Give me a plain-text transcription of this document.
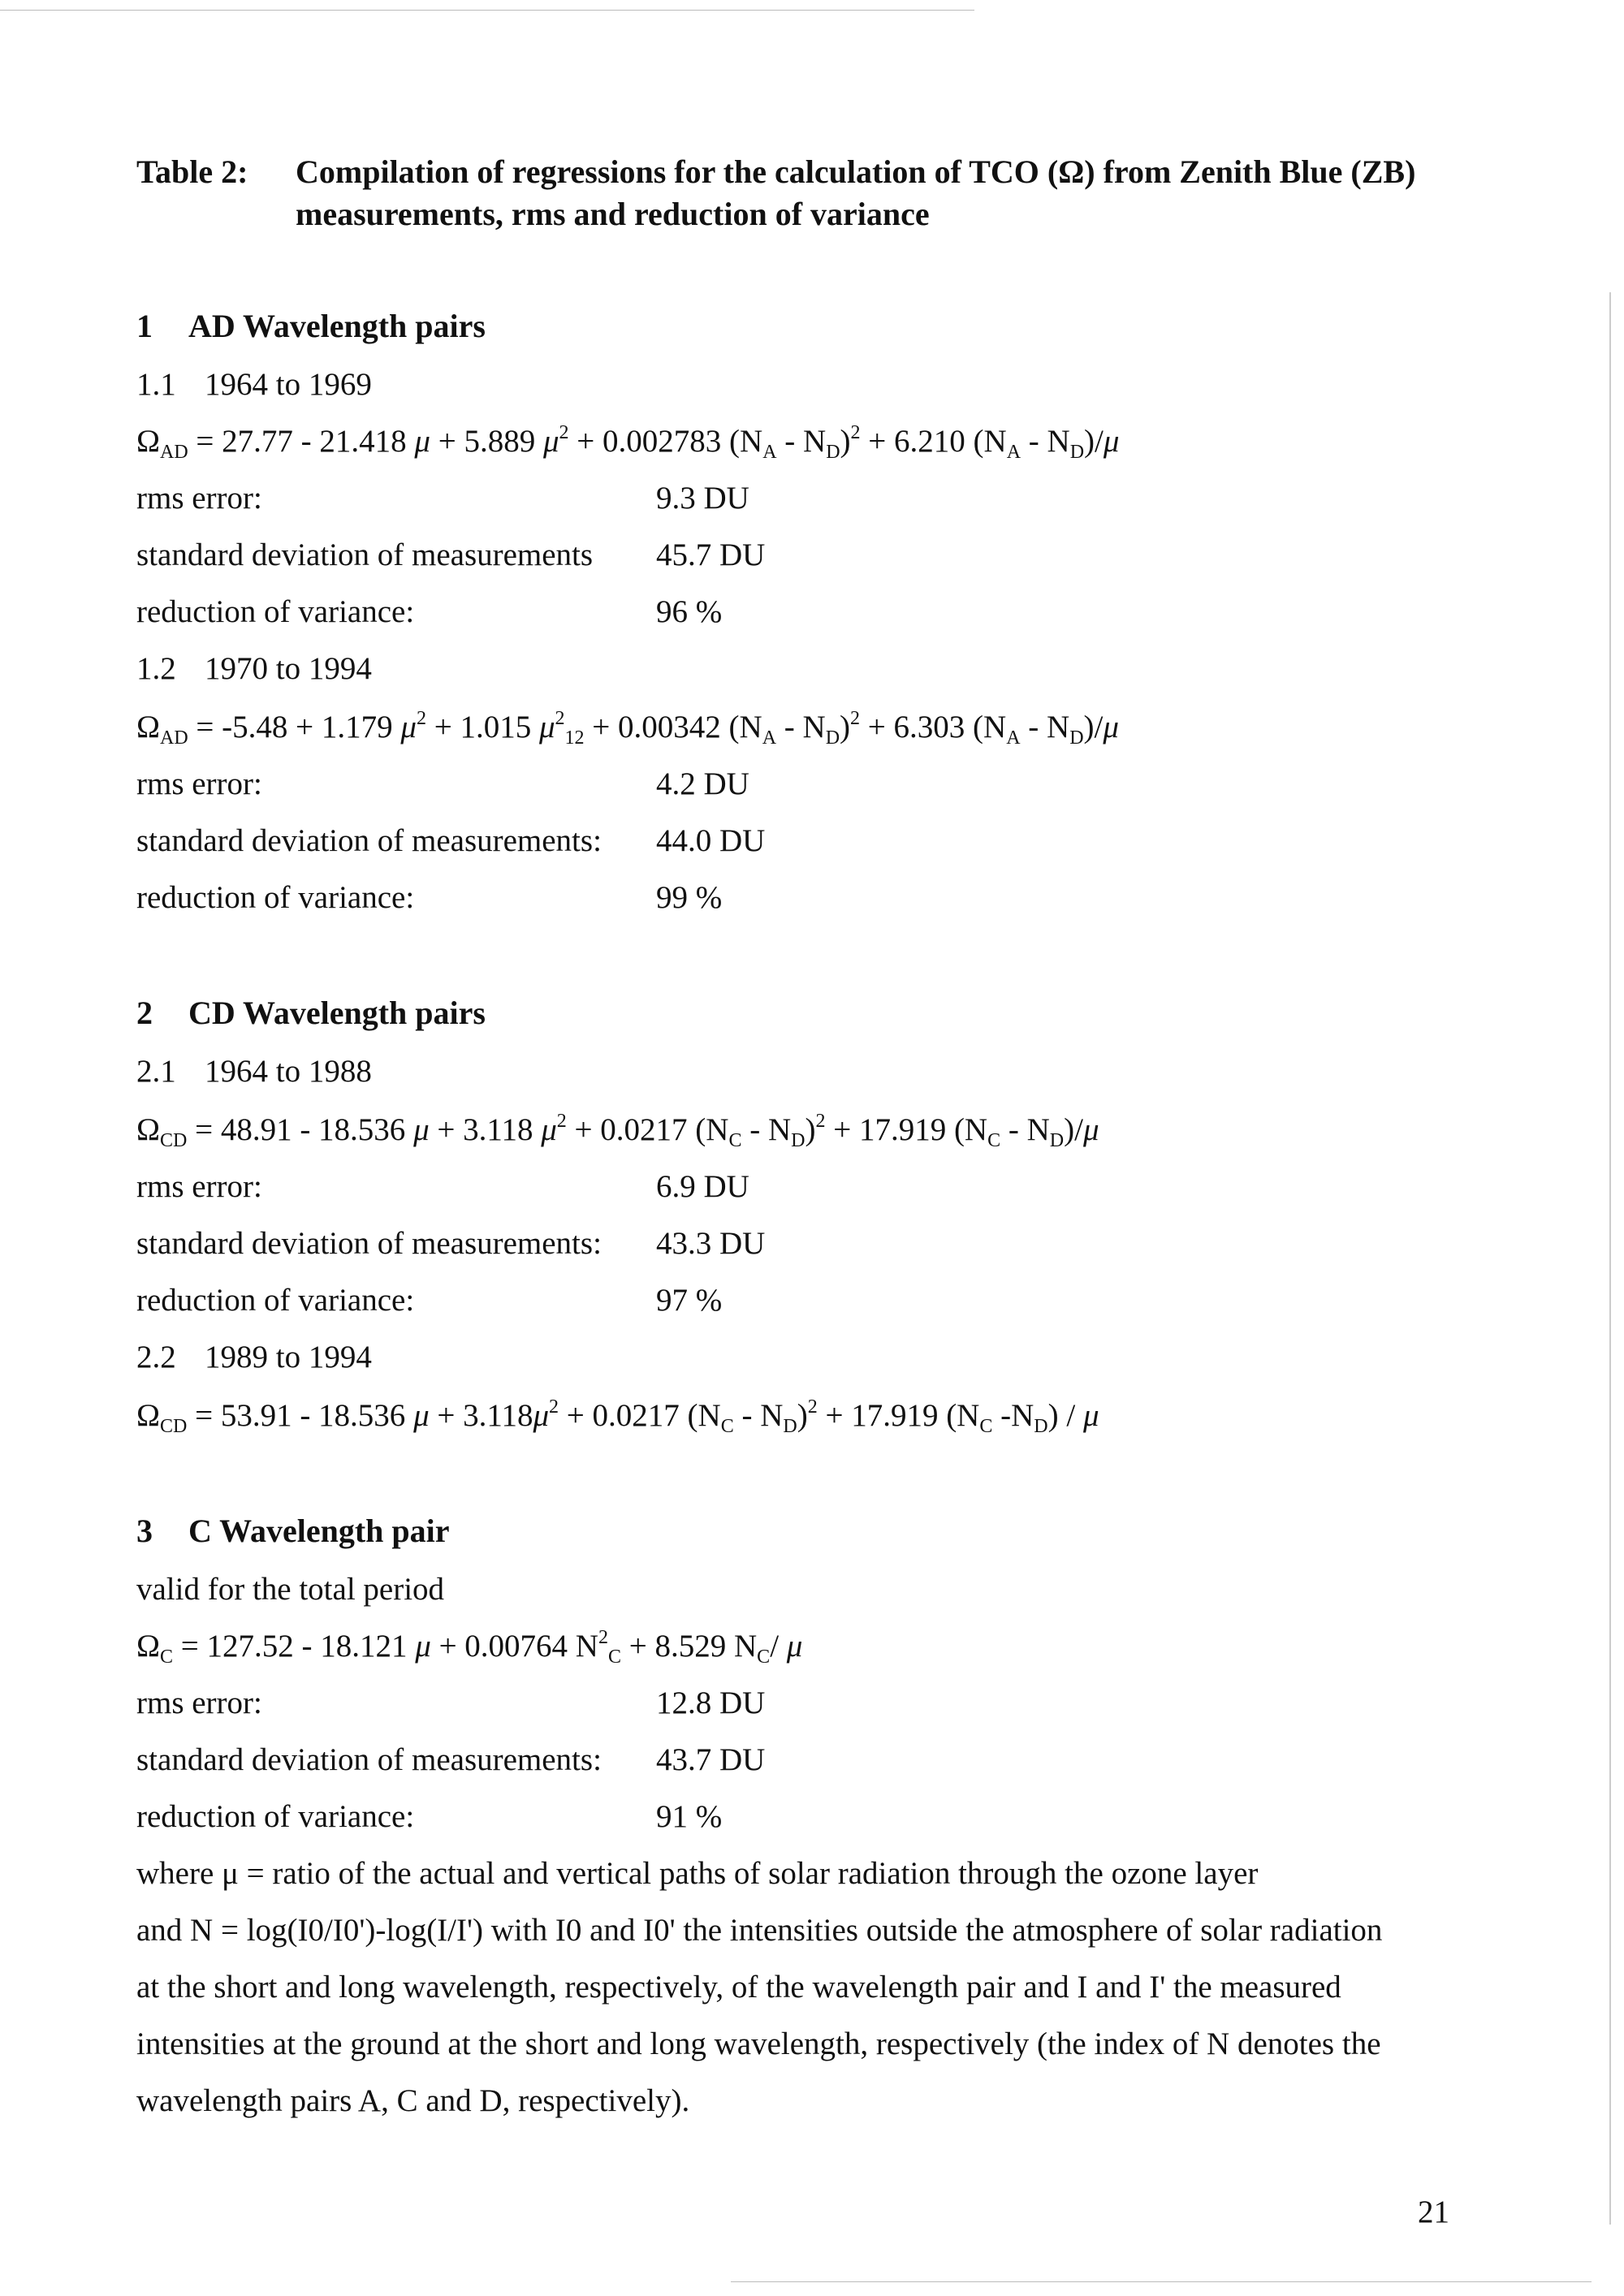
Table 2: Compilation of regressions for the calculation of TCO (Ω) from Zenith Blue (ZB) measurements, rms and reduction of variance
1 AD Wavelength pairs
1.1 1964 to 1969
$\Omega_{AD} = 27.77 - 21.418$ μ + 5.889 $\mu^2 + 0.002783$ $(N_A - N_D)^2 + 6.210$ $(N_A - N_D)/\mu$
rms error:	9.3 DU
standard deviation of measurements 45.7 DU
reduction of variance:	96 %
1.2 1970 to 1994
$\Omega_{AD} = -5.48 + 1.179$ $\mu^2 + 1.015$ $\mu^2_{12} + 0.00342$ $(N_A - N_D)^2 + 6.303$ $(N_A - N_D)/\mu$
rms error:	4.2 DU
standard deviation of measurements: 44.0 DU
reduction of variance:	99 %
2 CD Wavelength pairs
2.1 1964 to 1988
$\Omega_{CD} = 48.91 - 18.536$ μ + 3.118 $\mu^2 + 0.0217$ $(N_C - N_D)^2 + 17.919$ $(N_C - N_D)/\mu$
rms error:	6.9 DU
standard deviation of measurements: 43.3 DU
reduction of variance:	97 %
2.2 1989 to 1994
$\Omega_{CD} = 53.91 - 18.536$ $\mu + 3.118\mu^2 + 0.0217$ $(N_C - N_D)^2 + 17.919$ ($N_C$ $-N_D$) / μ
3 C Wavelength pair
valid for the total period
$\Omega_C = 127.52 - 18.121$ μ + 0.00764 $N^2_C + 8.529$ $N_C/$ μ
rms error:	12.8 DU
standard deviation of measurements: 43.7 DU
reduction of variance:	91 %
where μ = ratio of the actual and vertical paths of solar radiation through the ozone layer
and N = log(I0/I0')-log(I/I') with I0 and I0' the intensities outside the atmosphere of solar radiation
at the short and long wavelength, respectively, of the wavelength pair and I and I' the measured
intensities at the ground at the short and long wavelength, respectively (the index of N denotes the
wavelength pairs A, C and D, respectively).
21
